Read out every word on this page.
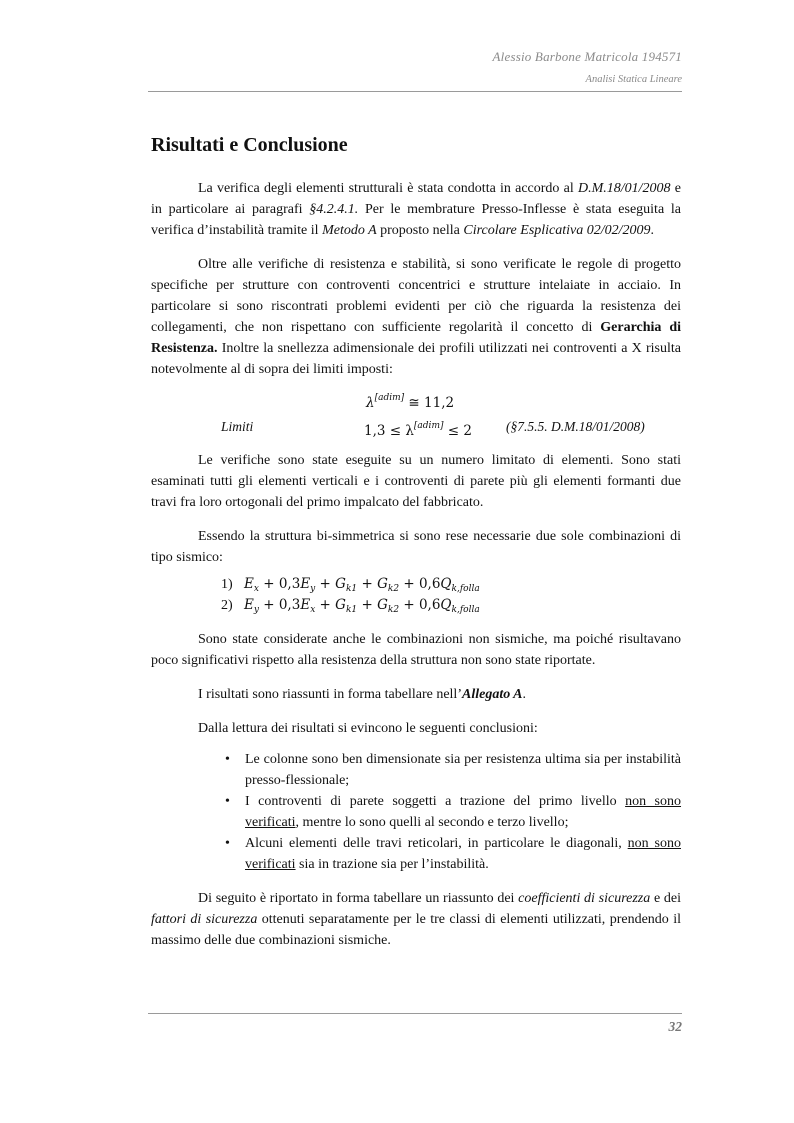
Alessio Barbone Matricola 194571
Analisi Statica Lineare
Risultati e Conclusione

La verifica degli elementi strutturali è stata condotta in accordo al D.M.18/01/2008 e in particolare ai paragrafi §4.2.4.1. Per le membrature Presso-Inflesse è stata eseguita la verifica d’instabilità tramite il Metodo A proposto nella Circolare Esplicativa 02/02/2009.

Oltre alle verifiche di resistenza e stabilità, si sono verificate le regole di progetto specifiche per strutture con controventi concentrici e strutture intelaiate in acciaio. In particolare si sono riscontrati problemi evidenti per ciò che riguarda la resistenza dei collegamenti, che non rispettano con sufficiente regolarità il concetto di Gerarchia di Resistenza. Inoltre la snellezza adimensionale dei profili utilizzati nei controventi a X risulta notevolmente al di sopra dei limiti imposti:

λ[adim] ≅ 11,2
Limiti	1,3 ≤ λ[adim] ≤ 2	(§7.5.5. D.M.18/01/2008)

Le verifiche sono state eseguite su un numero limitato di elementi. Sono stati esaminati tutti gli elementi verticali e i controventi di parete più gli elementi formanti due travi fra loro ortogonali del primo impalcato del fabbricato.

Essendo la struttura bi-simmetrica si sono rese necessarie due sole combinazioni di tipo sismico:

1) $E_x + 0,3E_y + G_{k1} + G_{k2} + 0,6Q_{k,folla}$
2) $E_y + 0,3E_x + G_{k1} + G_{k2} + 0,6Q_{k,folla}$

Sono state considerate anche le combinazioni non sismiche, ma poiché risultavano poco significativi rispetto alla resistenza della struttura non sono state riportate.

I risultati sono riassunti in forma tabellare nell’Allegato A.

Dalla lettura dei risultati si evincono le seguenti conclusioni:

• Le colonne sono ben dimensionate sia per resistenza ultima sia per instabilità presso-flessionale;
• I controventi di parete soggetti a trazione del primo livello non sono verificati, mentre lo sono quelli al secondo e terzo livello;
• Alcuni elementi delle travi reticolari, in particolare le diagonali, non sono verificati sia in trazione sia per l’instabilità.

Di seguito è riportato in forma tabellare un riassunto dei coefficienti di sicurezza e dei fattori di sicurezza ottenuti separatamente per le tre classi di elementi utilizzati, prendendo il massimo delle due combinazioni sismiche.

32
